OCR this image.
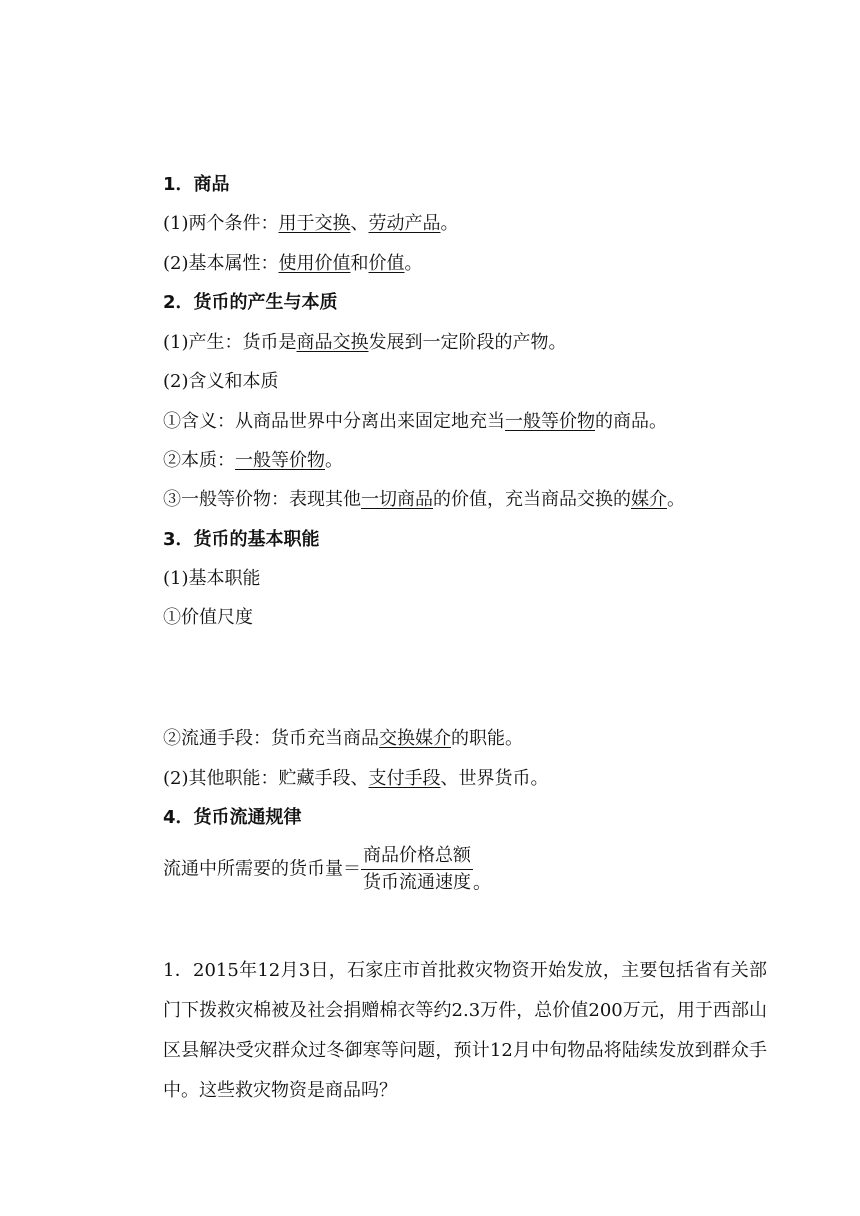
1．商品
(1)两个条件：用于交换、劳动产品。
(2)基本属性：使用价值和价值。
2．货币的产生与本质
(1)产生：货币是商品交换发展到一定阶段的产物。
(2)含义和本质
①含义：从商品世界中分离出来固定地充当一般等价物的商品。
②本质：一般等价物。
③一般等价物：表现其他一切商品的价值，充当商品交换的媒介。
3．货币的基本职能
(1)基本职能
①价值尺度
②流通手段：货币充当商品交换媒介的职能。
(2)其他职能：贮藏手段、支付手段、世界货币。
4．货币流通规律
流通中所需要的货币量＝ $\frac{\text{商品价格总额}}{\text{货币流通速度}}$ 。
1．2015年12月3日，石家庄市首批救灾物资开始发放，主要包括省有关部门下拨救灾棉被及社会捐赠棉衣等约2.3万件，总价值200万元，用于西部山区县解决受灾群众过冬御寒等问题，预计12月中旬物品将陆续发放到群众手中。这些救灾物资是商品吗？
